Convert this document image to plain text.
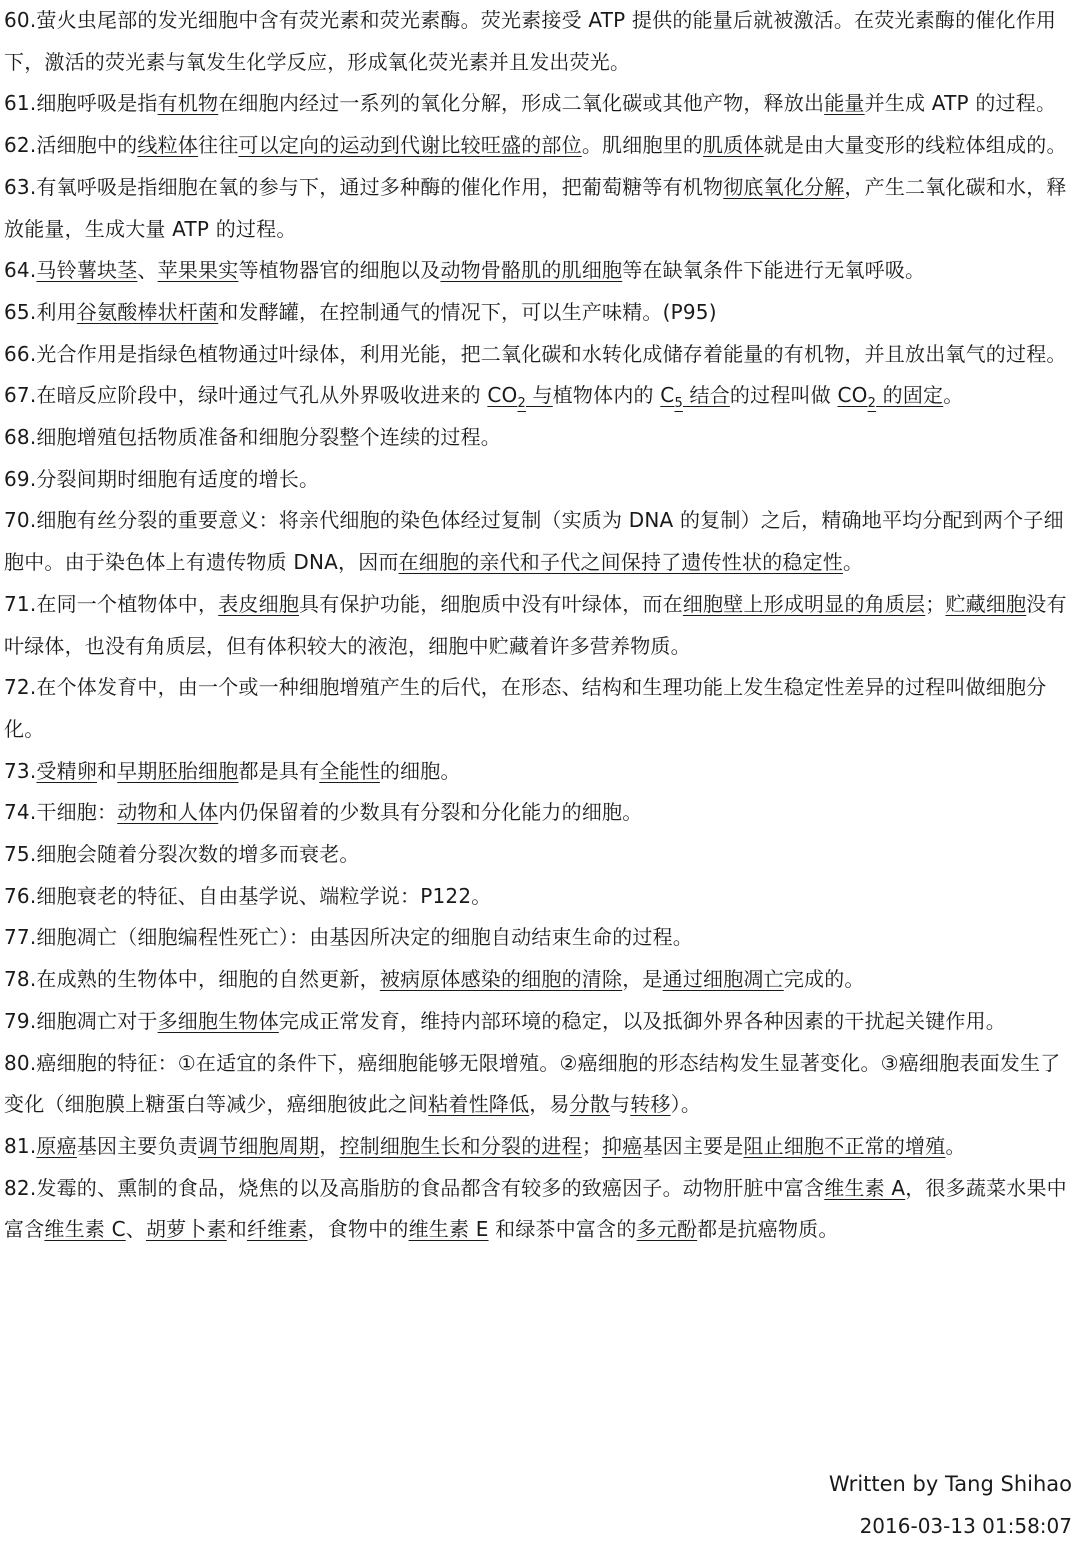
60.萤火虫尾部的发光细胞中含有荧光素和荧光素酶。荧光素接受 ATP 提供的能量后就被激活。在荧光素酶的催化作用下，激活的荧光素与氧发生化学反应，形成氧化荧光素并且发出荧光。

61.细胞呼吸是指有机物在细胞内经过一系列的氧化分解，形成二氧化碳或其他产物，释放出能量并生成 ATP 的过程。

62.活细胞中的线粒体往往可以定向的运动到代谢比较旺盛的部位。肌细胞里的肌质体就是由大量变形的线粒体组成的。

63.有氧呼吸是指细胞在氧的参与下，通过多种酶的催化作用，把葡萄糖等有机物彻底氧化分解，产生二氧化碳和水，释放能量，生成大量 ATP 的过程。

64.马铃薯块茎、苹果果实等植物器官的细胞以及动物骨骼肌的肌细胞等在缺氧条件下能进行无氧呼吸。

65.利用谷氨酸棒状杆菌和发酵罐，在控制通气的情况下，可以生产味精。(P95)

66.光合作用是指绿色植物通过叶绿体，利用光能，把二氧化碳和水转化成储存着能量的有机物，并且放出氧气的过程。

67.在暗反应阶段中，绿叶通过气孔从外界吸收进来的 $CO_2$ 与植物体内的 $C_5$ 结合的过程叫做 $CO_2$ 的固定。

68.细胞增殖包括物质准备和细胞分裂整个连续的过程。

69.分裂间期时细胞有适度的增长。

70.细胞有丝分裂的重要意义：将亲代细胞的染色体经过复制（实质为 DNA 的复制）之后，精确地平均分配到两个子细胞中。由于染色体上有遗传物质 DNA，因而在细胞的亲代和子代之间保持了遗传性状的稳定性。

71.在同一个植物体中，表皮细胞具有保护功能，细胞质中没有叶绿体，而在细胞壁上形成明显的角质层；贮藏细胞没有叶绿体，也没有角质层，但有体积较大的液泡，细胞中贮藏着许多营养物质。

72.在个体发育中，由一个或一种细胞增殖产生的后代，在形态、结构和生理功能上发生稳定性差异的过程叫做细胞分化。

73.受精卵和早期胚胎细胞都是具有全能性的细胞。

74.干细胞：动物和人体内仍保留着的少数具有分裂和分化能力的细胞。

75.细胞会随着分裂次数的增多而衰老。

76.细胞衰老的特征、自由基学说、端粒学说：P122。

77.细胞凋亡（细胞编程性死亡）：由基因所决定的细胞自动结束生命的过程。

78.在成熟的生物体中，细胞的自然更新，被病原体感染的细胞的清除，是通过细胞凋亡完成的。

79.细胞凋亡对于多细胞生物体完成正常发育，维持内部环境的稳定，以及抵御外界各种因素的干扰起关键作用。

80.癌细胞的特征：①在适宜的条件下，癌细胞能够无限增殖。②癌细胞的形态结构发生显著变化。③癌细胞表面发生了变化（细胞膜上糖蛋白等减少，癌细胞彼此之间粘着性降低，易分散与转移）。

81.原癌基因主要负责调节细胞周期，控制细胞生长和分裂的进程；抑癌基因主要是阻止细胞不正常的增殖。

82.发霉的、熏制的食品，烧焦的以及高脂肪的食品都含有较多的致癌因子。动物肝脏中富含维生素 A，很多蔬菜水果中富含维生素 C、胡萝卜素和纤维素，食物中的维生素 E 和绿茶中富含的多元酚都是抗癌物质。

Written by Tang Shihao
2016-03-13 01:58:07
